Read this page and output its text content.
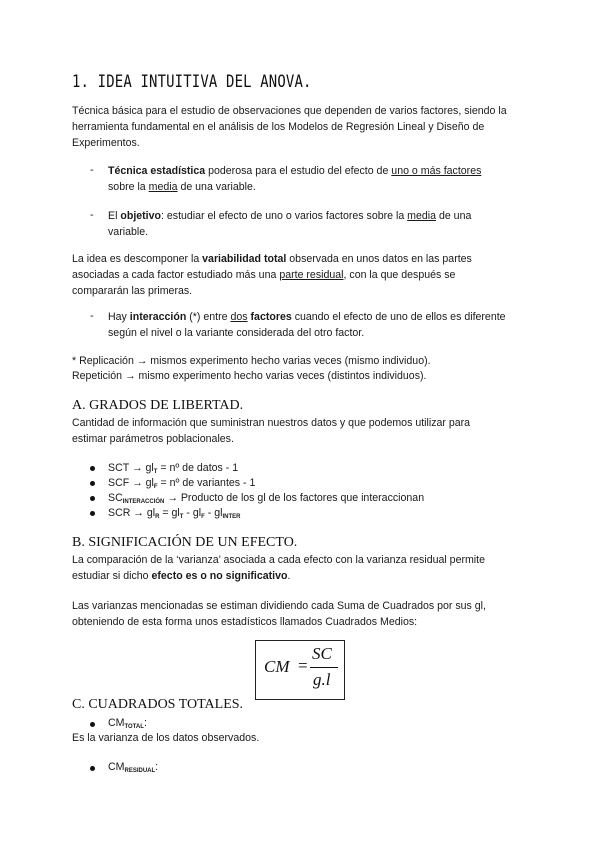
1. IDEA INTUITIVA DEL ANOVA.
Técnica básica para el estudio de observaciones que dependen de varios factores, siendo la herramienta fundamental en el análisis de los Modelos de Regresión Lineal y Diseño de Experimentos.
- Técnica estadística poderosa para el estudio del efecto de uno o más factores
sobre la media de una variable.
- El objetivo: estudiar el efecto de uno o varios factores sobre la media de una
variable.
La idea es descomponer la variabilidad total observada en unos datos en las partes
asociadas a cada factor estudiado más una parte residual, con la que después se
compararán las primeras.
- Hay interacción (*) entre dos factores cuando el efecto de uno de ellos es diferente
según el nivel o la variante considerada del otro factor.
* Replicación → mismos experimento hecho varias veces (mismo individuo).
Repetición → mismo experimento hecho varias veces (distintos individuos).
A. GRADOS DE LIBERTAD.
Cantidad de información que suministran nuestros datos y que podemos utilizar para
estimar parámetros poblacionales.
SCT → $gl_T$ = nº de datos - 1
SCF → $gl_F$ = nº de variantes - 1
$SC_{INTERACCIÓN}$ → Producto de los gl de los factores que interaccionan
SCR → $gl_R = gl_T - gl_F - gl_{INTER}$
B. SIGNIFICACIÓN DE UN EFECTO.
La comparación de la ‘varianza’ asociada a cada efecto con la varianza residual permite
estudiar si dicho efecto es o no significativo.
Las varianzas mencionadas se estiman dividiendo cada Suma de Cuadrados por sus gl,
obteniendo de esta forma unos estadísticos llamados Cuadrados Medios:
CM =
SC
g.l
C. CUADRADOS TOTALES.
$CM_{TOTAL}$:
Es la varianza de los datos observados.
$CM_{RESIDUAL}$:
